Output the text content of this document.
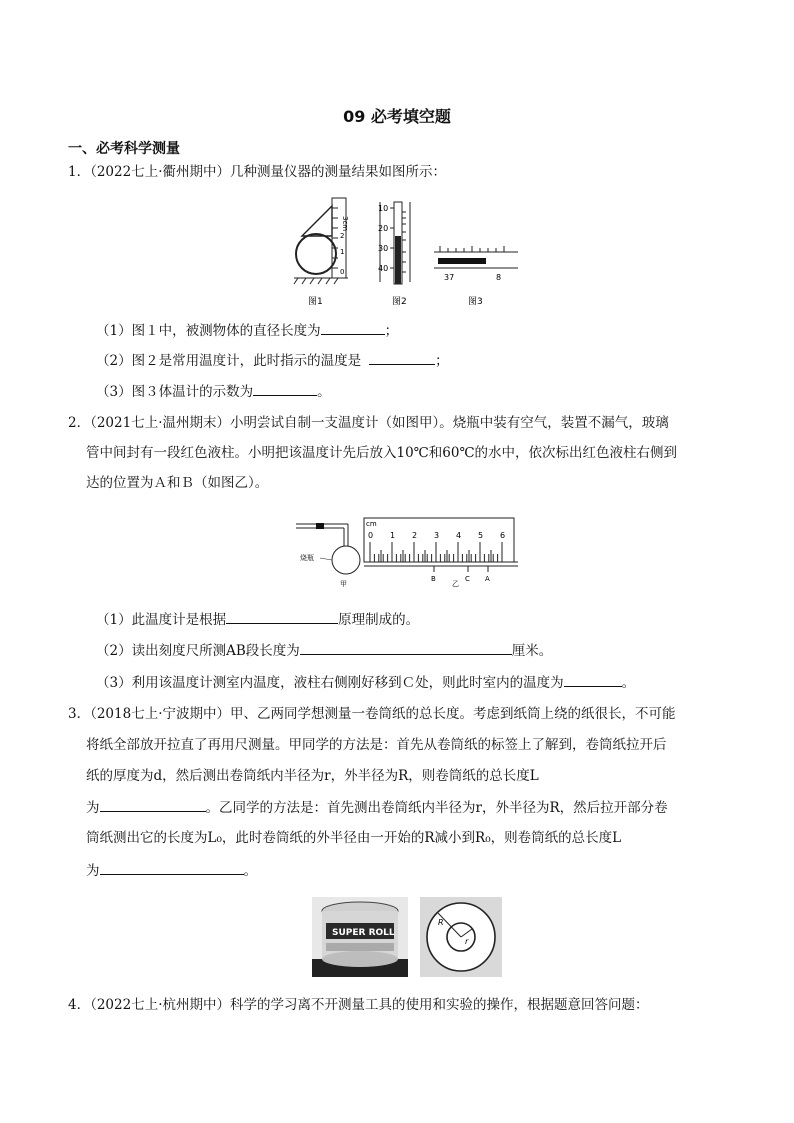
09 必考填空题
一、必考科学测量
1．（2022七上·衢州期中）几种测量仪器的测量结果如图所示：
3cm
2
1
0
图1
10
20
30
40
图2
37	8
图3
（1）图１中，被测物体的直径长度为	；
（2）图２是常用温度计，此时指示的温度是	；
（3）图３体温计的示数为	。
2．（2021七上·温州期末）小明尝试自制一支温度计（如图甲）。烧瓶中装有空气，装置不漏气，玻璃
管中间封有一段红色液柱。小明把该温度计先后放入10℃和60℃的水中，依次标出红色液柱右侧到
达的位置为Ａ和Ｂ（如图乙）。
烧瓶
甲
cm
0 1 2 3 4 5 6
B	C A
乙
（1）此温度计是根据	原理制成的。
（2）读出刻度尺所测AB段长度为	厘米。
（3）利用该温度计测室内温度，液柱右侧刚好移到Ｃ处，则此时室内的温度为	。
3．（2018七上·宁波期中）甲、乙两同学想测量一卷筒纸的总长度。考虑到纸筒上绕的纸很长，不可能
将纸全部放开拉直了再用尺测量。甲同学的方法是：首先从卷筒纸的标签上了解到，卷筒纸拉开后
纸的厚度为d，然后测出卷筒纸内半径为r，外半径为R，则卷筒纸的总长度L
为	。乙同学的方法是：首先测出卷筒纸内半径为r，外半径为R，然后拉开部分卷
筒纸测出它的长度为L₀，此时卷筒纸的外半径由一开始的R减小到R₀，则卷筒纸的总长度L
为	。
SUPER ROLL
R
r
4．（2022七上·杭州期中）科学的学习离不开测量工具的使用和实验的操作，根据题意回答问题：
